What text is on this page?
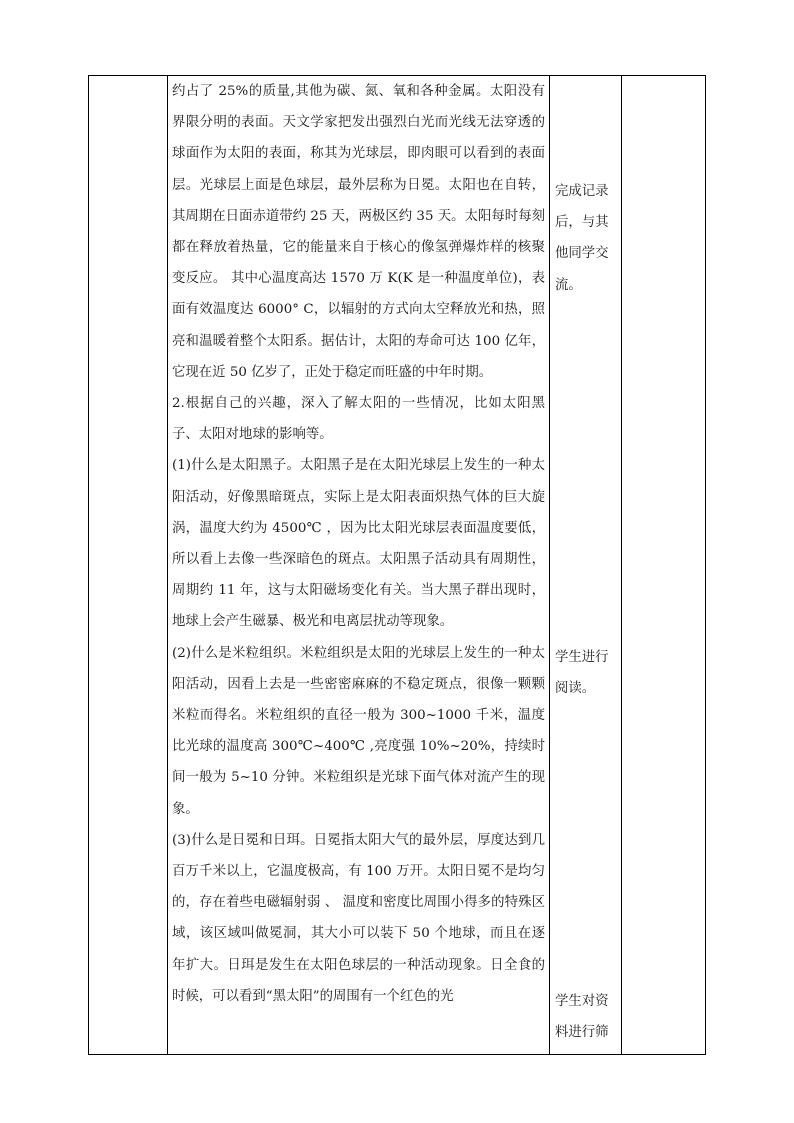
约占了 25%的质量,其他为碳、氮、氧和各种金属。太阳没有界限分明的表面。天文学家把发出强烈白光而光线无法穿透的球面作为太阳的表面，称其为光球层，即肉眼可以看到的表面层。光球层上面是色球层，最外层称为日冕。太阳也在自转，其周期在日面赤道带约 25 天，两极区约 35 天。太阳每时每刻都在释放着热量，它的能量来自于核心的像氢弹爆炸样的核聚变反应。 其中心温度高达 1570 万 K(K 是一种温度单位)，表面有效温度达 6000° C，以辐射的方式向太空释放光和热，照亮和温暖着整个太阳系。据估计，太阳的寿命可达 100 亿年，它现在近 50 亿岁了，正处于稳定而旺盛的中年时期。

2.根据自己的兴趣，深入了解太阳的一些情况，比如太阳黑子、太阳对地球的影响等。

(1)什么是太阳黑子。太阳黑子是在太阳光球层上发生的一种太阳活动，好像黑暗斑点，实际上是太阳表面炽热气体的巨大旋涡，温度大约为 4500℃ ，因为比太阳光球层表面温度要低，所以看上去像一些深暗色的斑点。太阳黑子活动具有周期性，周期约 11 年，这与太阳磁场变化有关。当大黑子群出现时，地球上会产生磁暴、极光和电离层扰动等现象。

(2)什么是米粒组织。米粒组织是太阳的光球层上发生的一种太阳活动，因看上去是一些密密麻麻的不稳定斑点，很像一颗颗米粒而得名。米粒组织的直径一般为 300~1000 千米，温度比光球的温度高 300℃~400℃ ,亮度强 10%~20%，持续时间一般为 5~10 分钟。米粒组织是光球下面气体对流产生的现象。

(3)什么是日冕和日珥。日冕指太阳大气的最外层，厚度达到几百万千米以上，它温度极高，有 100 万开。太阳日冕不是均匀的，存在着些电磁辐射弱 、 温度和密度比周围小得多的特殊区域，该区域叫做冕洞，其大小可以装下 50 个地球，而且在逐年扩大。日珥是发生在太阳色球层的一种活动现象。日全食的时候，可以看到“黑太阳”的周围有一个红色的光

完成记录后，与其他同学交流。
学生进行阅读。
学生对资料进行筛
